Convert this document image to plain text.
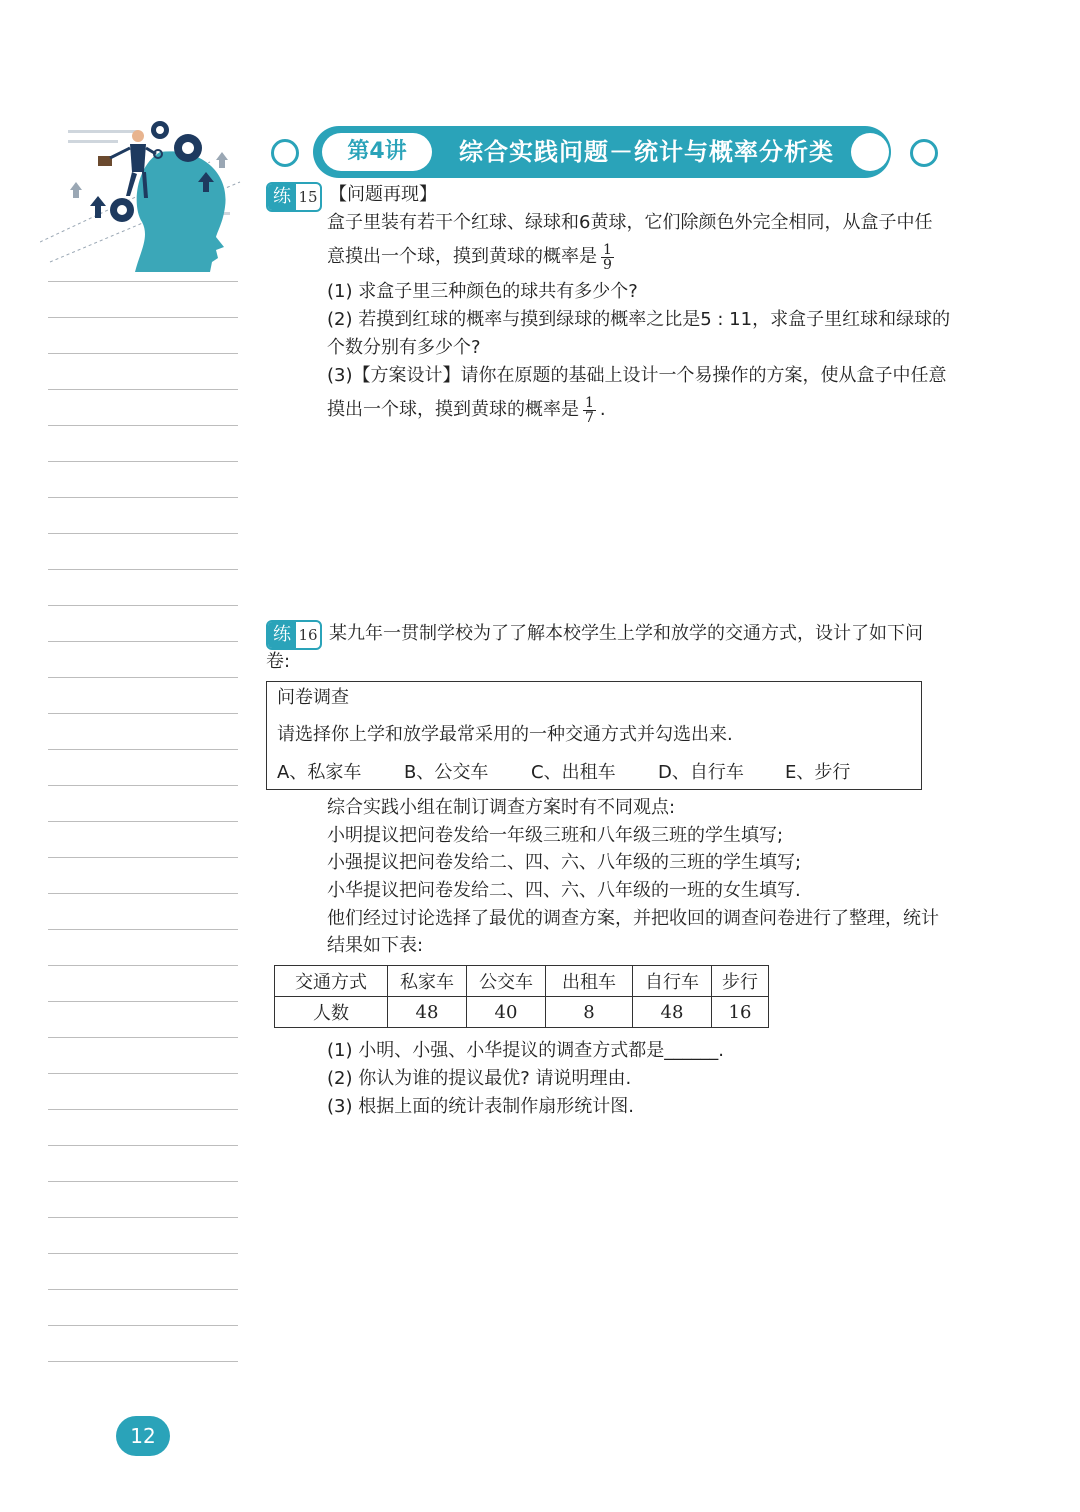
第4讲	综合实践问题－统计与概率分析类
练 15 【问题再现】
盒子里装有若干个红球、绿球和6黄球，它们除颜色外完全相同，从盒子中任
意摸出一个球，摸到黄球的概率是 $\frac{1}{9}$
(1) 求盒子里三种颜色的球共有多少个?
(2) 若摸到红球的概率与摸到绿球的概率之比是5 : 11，求盒子里红球和绿球的
个数分别有多少个?
(3)【方案设计】请你在原题的基础上设计一个易操作的方案，使从盒子中任意
摸出一个球，摸到黄球的概率是 $\frac{1}{7}$ .
练 16 某九年一贯制学校为了了解本校学生上学和放学的交通方式，设计了如下问
卷:
问卷调查
请选择你上学和放学最常采用的一种交通方式并勾选出来.
A、私家车 B、公交车 C、出租车 D、自行车 E、步行
综合实践小组在制订调查方案时有不同观点:
小明提议把问卷发给一年级三班和八年级三班的学生填写;
小强提议把问卷发给二、四、六、八年级的三班的学生填写;
小华提议把问卷发给二、四、六、八年级的一班的女生填写.
他们经过讨论选择了最优的调查方案，并把收回的调查问卷进行了整理，统计
结果如下表:
交通方式	私家车	公交车	出租车	自行车	步行
人数	48	40	8	48	16
(1) 小明、小强、小华提议的调查方式都是______.
(2) 你认为谁的提议最优? 请说明理由.
(3) 根据上面的统计表制作扇形统计图.
12
